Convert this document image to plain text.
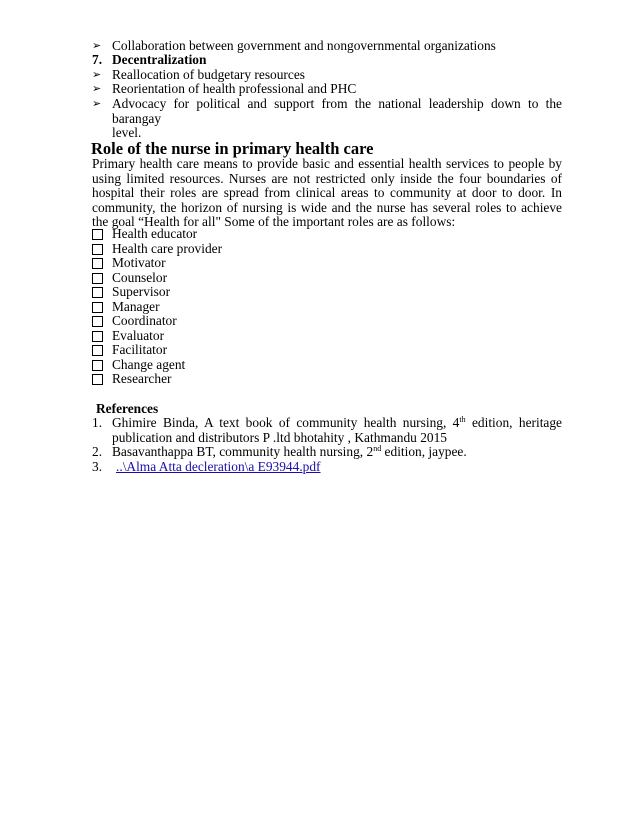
➢ Collaboration between government and nongovernmental organizations
7. Decentralization
➢ Reallocation of budgetary resources
➢ Reorientation of health professional and PHC
➢ Advocacy for political and support from the national leadership down to the barangay
level.
Role of the nurse in primary health care
Primary health care means to provide basic and essential health services to people by using limited resources. Nurses are not restricted only inside the four boundaries of hospital their roles are spread from clinical areas to community at door to door. In community, the horizon of nursing is wide and the nurse has several roles to achieve the goal “Health for all" Some of the important roles are as follows:
Health educator
Health care provider
Motivator
Counselor
Supervisor
Manager
Coordinator
Evaluator
Facilitator
Change agent
Researcher
References
1. Ghimire Binda, A text book of community health nursing, 4th edition, heritage
publication and distributors P .ltd bhotahity , Kathmandu 2015
2. Basavanthappa BT, community health nursing, 2nd edition, jaypee.
3.	..\Alma Atta decleration\a E93944.pdf
